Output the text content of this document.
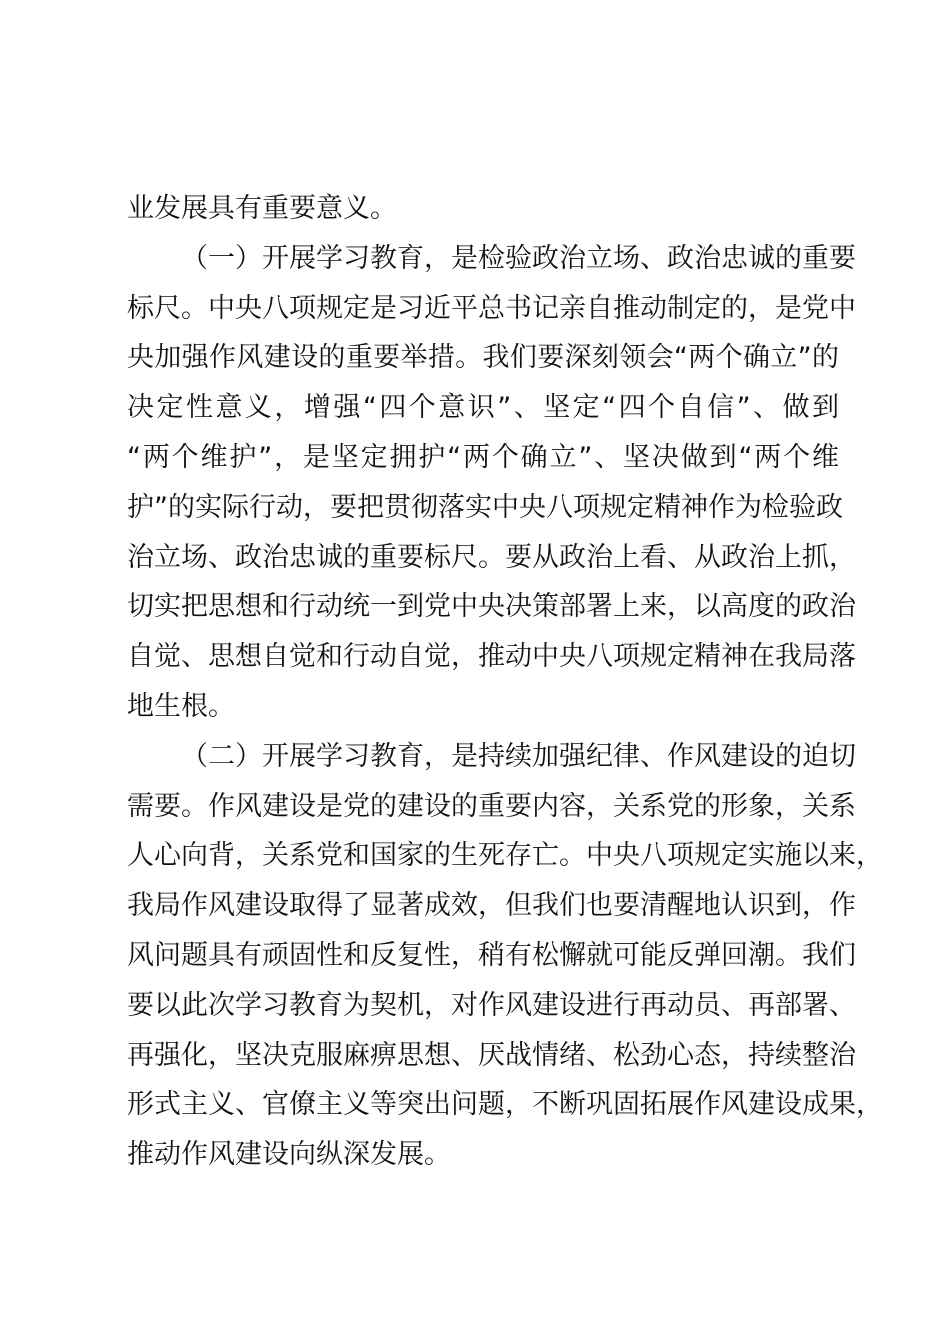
业发展具有重要意义。
（一）开展学习教育，是检验政治立场、政治忠诚的重要
标尺。中央八项规定是习近平总书记亲自推动制定的，是党中
央加强作风建设的重要举措。我们要深刻领会“两个确立”的
决定性意义，增强“四个意识”、坚定“四个自信”、做到
“两个维护”，是坚定拥护“两个确立”、坚决做到“两个维
护”的实际行动，要把贯彻落实中央八项规定精神作为检验政
治立场、政治忠诚的重要标尺。要从政治上看、从政治上抓，
切实把思想和行动统一到党中央决策部署上来，以高度的政治
自觉、思想自觉和行动自觉，推动中央八项规定精神在我局落
地生根。
（二）开展学习教育，是持续加强纪律、作风建设的迫切
需要。作风建设是党的建设的重要内容，关系党的形象，关系
人心向背，关系党和国家的生死存亡。中央八项规定实施以来，
我局作风建设取得了显著成效，但我们也要清醒地认识到，作
风问题具有顽固性和反复性，稍有松懈就可能反弹回潮。我们
要以此次学习教育为契机，对作风建设进行再动员、再部署、
再强化，坚决克服麻痹思想、厌战情绪、松劲心态，持续整治
形式主义、官僚主义等突出问题，不断巩固拓展作风建设成果，
推动作风建设向纵深发展。
